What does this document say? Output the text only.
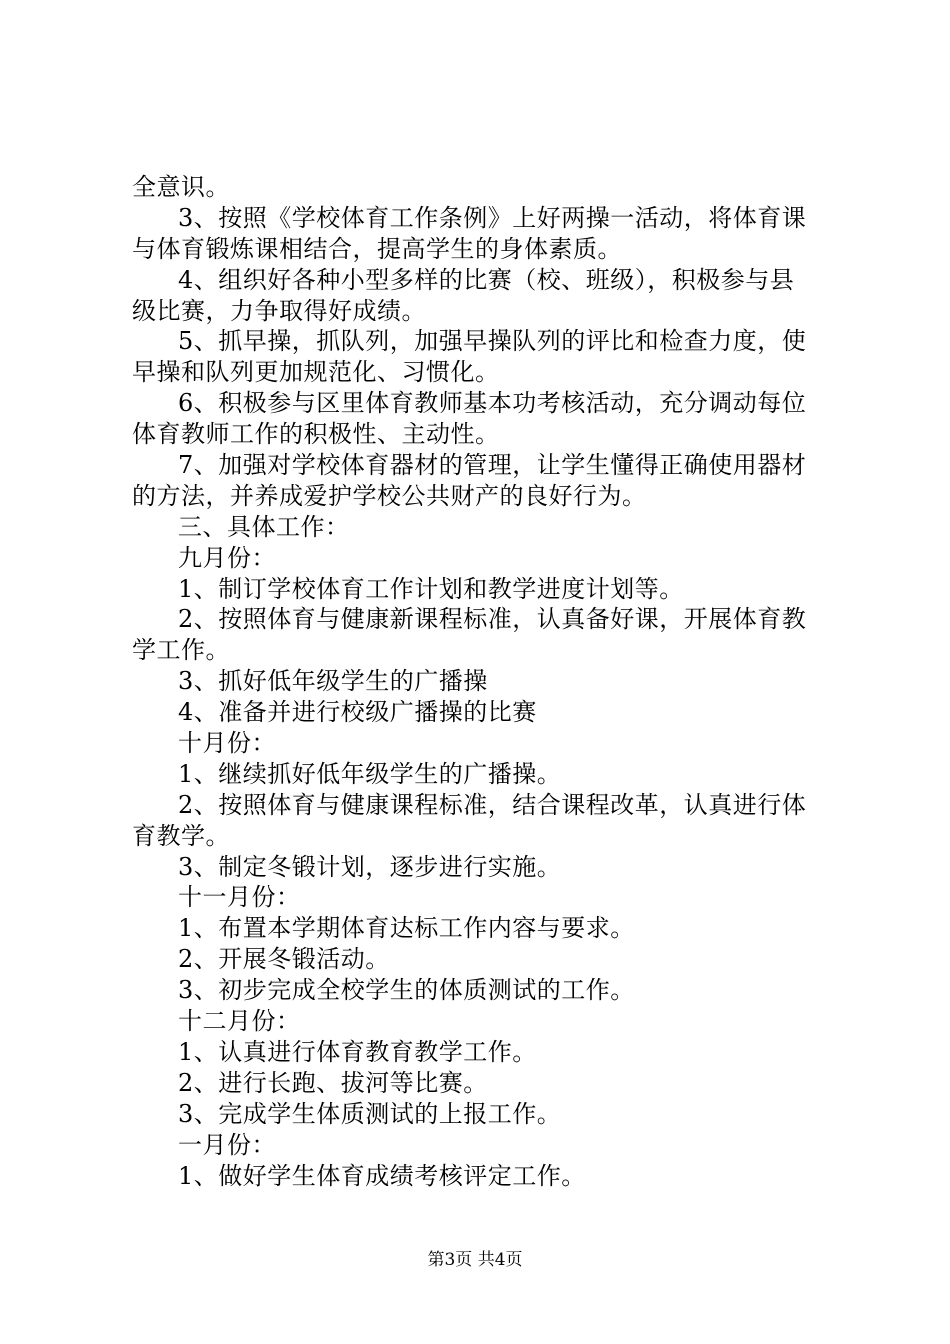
全意识。
3、按照《学校体育工作条例》上好两操一活动，将体育课
与体育锻炼课相结合，提高学生的身体素质。
4、组织好各种小型多样的比赛（校、班级），积极参与县
级比赛，力争取得好成绩。
5、抓早操，抓队列，加强早操队列的评比和检查力度，使
早操和队列更加规范化、习惯化。
6、积极参与区里体育教师基本功考核活动，充分调动每位
体育教师工作的积极性、主动性。
7、加强对学校体育器材的管理，让学生懂得正确使用器材
的方法，并养成爱护学校公共财产的良好行为。
三、具体工作：
九月份：
1、制订学校体育工作计划和教学进度计划等。
2、按照体育与健康新课程标准，认真备好课，开展体育教
学工作。
3、抓好低年级学生的广播操
4、准备并进行校级广播操的比赛
十月份：
1、继续抓好低年级学生的广播操。
2、按照体育与健康课程标准，结合课程改革，认真进行体
育教学。
3、制定冬锻计划，逐步进行实施。
十一月份：
1、布置本学期体育达标工作内容与要求。
2、开展冬锻活动。
3、初步完成全校学生的体质测试的工作。
十二月份：
1、认真进行体育教育教学工作。
2、进行长跑、拔河等比赛。
3、完成学生体质测试的上报工作。
一月份：
1、做好学生体育成绩考核评定工作。
第3页 共4页
